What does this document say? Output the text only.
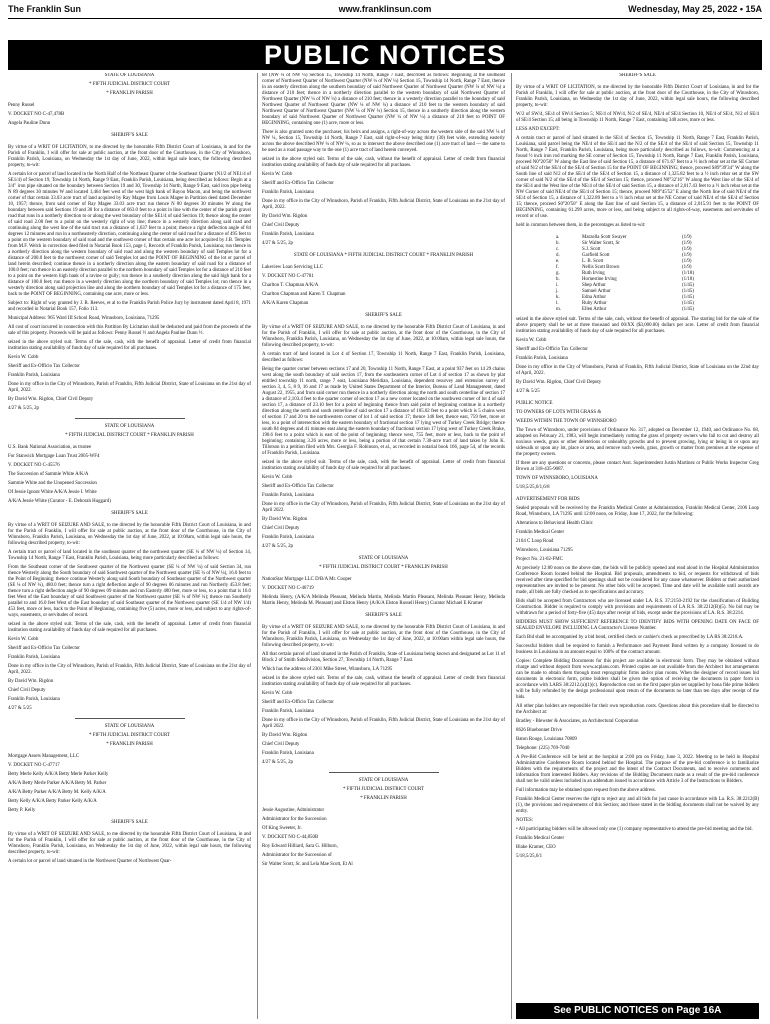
The Franklin Sun	www.franklinsun.com	Wednesday, May 25, 2022 • 15A
PUBLIC NOTICES

STATE OF LOUISIANA

* FIFTH JUDICIAL DISTRICT COURT

* FRANKLIN PARISH

Penny Russel

V. DOCKET NO C-47,478B

Angela Pauline Dunn

SHERIFF'S SALE

By virtue of a WRIT OF LICITATION, to me directed by the honorable Fifth District Court of Louisiana, in and for the Parish of Franklin, I will offer for sale at public auction, at the front door of the Courthouse, in the City of Winnsboro, Franklin Parish, Louisiana, on Wednesday the 1st day of June, 2022, within legal sale hours, the following described property, to-wit:

A certain lot or parcel of land located in the North Half of the Northeast Quarter of the Southeast Quarter (N1/2 of NE1/4 of SE1/4) of Section 19, Township 14 North, Range 9 East, Franklin Parish, Louisiana, being described as follows: Begin at a 3/4" iron pipe situated on the boundary between Section 19 and 30, Township 14 North, Range 9 East, said iron pipe being N 89 degrees 30 minutes W and located 1,464 feet west of the west high bank of Bayou Macon, and being the northwest corner of that certain 33.03 acre tract of land acquired by Ray Magee from Louis Magee in Partition deed dated December 10, 1957; thence, from said corner of Ray Magee 33.03 acre tract run thence N 00 degrees 30 minutes W along the boundary between said Sections 19 and 30 for a distance of 663.0 feet to a point in line with the center of the parish gravel road that runs in a northerly direction to or along the west boundary of the SE1/4 of said Section 19; thence along the center of said road 2.00 feet to a point on the westerly right of way line; thence in a westerly direction along said road and continuing along the west line of the said tract run a distance of 1,637 feet to a point; thence a right deflection angle of 84 degrees 12 minutes and run in a northeasterly direction, continuing along the center of said road for a distance of 495 feet to a point on the western boundary of said road and the southwest corner of that certain one acre lot acquired by J.B. Temples from M.F. Welch in correction deed filed in Notarial Book 153, page 1, Records of Franklin Parish, Louisiana; run thence in a northerly direction along the western boundary of said road and along the western boundary of said Temples lot for a distance of 200.0 feet to the northwest corner of said Temples lot and the POINT OF BEGINNING of the lot or parcel of land herein described; continue thence in a northerly direction along the eastern boundary of said road for a distance of 100.0 feet; run thence in an easterly direction parallel to the northern boundary of said Temples lot for a distance of 210 feet to a point on the western high bank of a ravine or gully; run thence in a southerly direction along the said high bank for a distance of 100.0 feet; run thence in a westerly direction along the northern boundary of said Temples lot; run thence in a westerly direction along said projection line and along the northern boundary of said Temples lot for a distance of 175 feet, back to the POINT OF BEGINNING, containing one acre, more or less.

Subject to: Right of way granted by J. R. Reeves, et al to the Franklin Parish Police Jury by instrument dated April 8, 1971 and recorded in Notarial Book 157, Folio 113.

Municipal Address: 965 Ward III School Road, Winnsboro, Louisiana, 71295

All cost of court incurred in connection with this Partition By Licitation shall be deducted and paid from the proceeds of the sale of this property. Proceeds will be paid as follows: Penny Russel ½ and Angela Pauline Dunn ½.

seized in the above styled suit. Terms of the sale, cash, with the benefit of appraisal. Letter of credit from financial institution stating availability of funds day of sale required for all purchases.

Kevin W. Cobb

Sheriff and Ex-Officio Tax Collector

Franklin Parish, Louisiana

Done in my office in the City of Winnsboro, Parish of Franklin, Fifth Judicial District, State of Louisiana on the 21st day of April, 2022.

By David Wm. Rigdon, Chief Civil Deputy

4/27 & 5/25, 2p

STATE OF LOUISIANA

* FIFTH JUDICIAL DISTRICT COURT * FRANKLIN PARISH

U.S. Bank National Association, as trustee

For Stanwich Mortgage Loan Trust 2005-WF4

V. DOCKET NO C-45576

The Succession of Sammie White A/K/A

Sammie White and the Unopened Succession

Of Jessie Ignont White A/K/A Jessie I. White

A/K/A Jessie White (Curator - E. Deborah Huggard)

SHERIFF'S SALE

By virtue of a WRIT OF SEIZURE AND SALE, to me directed by the honorable Fifth District Court of Louisiana, in and for the Parish of Franklin, I will offer for sale at public auction, at the front door of the Courthouse, in the City of Winnsboro, Franklin Parish, Louisiana, on Wednesday the 1st day of June, 2022, at 10:00am, within legal sale hours, the following described property, to-wit:

A certain tract or parcel of land located in the southeast quarter of the northwest quarter (SE ¼ of NW ¼) of Section 14, Township 14 North, Range 7 East, Franklin Parish, Louisiana, being more particularly described as follows:

From the Southeast corner of the Southwest quarter of the Northwest quarter (SE ¼ of NW ¼) of said Section 34, run thence Westerly along the South boundary of said Southwest quarter of the Northwest quarter (SE ¼ of NW ¼), 16.0 feet to the Point of Beginning; thence continue Westerly along said South boundary of Southeast quarter of the Northwest quarter (SE ¼ of NW ¼), 480.0 feet; thence turn a right deflection angle of 90 degrees 06 minutes and run Northerly 453.8 feet; thence turn a right deflection angle of 90 degrees 09 minutes and run Easterly 480 feet, more or less, to a point that is 16.0 feet West of the East boundary of said Southwest quarter of the Northwest quarter (SE ¼ of NW ¼); thence run Southerly parallel to and 16.0 feet West of the East boundary of said Southeast quarter of the Northwest quarter (SE 1/4 of NW 1/4) 453 feet, more or less, back to the Point of Beginning, containing five (5) acres, more or less, and subject to any rights-of-ways, easements, or servitudes of record.

seized in the above styled suit. Terms of the sale, cash, with the benefit of appraisal. Letter of credit from financial institution stating availability of funds day of sale required for all purchases.

Kevin W. Cobb

Sheriff and Ex-Officio Tax Collector

Franklin Parish, Louisiana

Done in my office in the City of Winnsboro, Parish of Franklin, Fifth Judicial District, State of Louisiana on the 21st day of April, 2022.

By David Wm. Rigdon

Chief Civil Deputy

Franklin Parish, Louisiana

4/27 & 5/25

STATE OF LOUISIANA

* FIFTH JUDICIAL DISTRICT COURT

* FRANKLIN PARISH

Mortgage Assets Management, LLC

V. DOCKET NO C-47717

Betty Merle Kelly A/K/A Betty Merle Parker Kelly

A/K/A Betty Merle Parker A/K/A Betty M. Parker

A/K/A Betty Parker A/K/A Betty M. Kelly A/K/A

Betty Kelly A/K/A Betty Parker Kelly A/K/A

Betty P. Kelly

SHERIFF'S SALE

By virtue of a WRIT OF SEIZURE AND SALE, to me directed by the honorable Fifth District Court of Louisiana, in and for the Parish of Franklin, I will offer for sale at public auction, at the front door of the Courthouse, in the City of Winnsboro, Franklin Parish, Louisiana, on Wednesday the 1st day of June, 2022, within legal sale hours, the following described property, to-wit:

A certain lot or parcel of land situated in the Northwest Quarter of Northwest Quar-

ter (NW ¼ of NW ¼) Section 15, Township 14 North, Range 7 East, described as follows: Beginning at the southeast corner of Northwest Quarter of Northwest Quarter (NW ¼ of NW ¼) Section 15, Township 14 North, Range 7 East, thence in an easterly direction along the southern boundary of said Northwest Quarter of Northwest Quarter (NW ¼ of NW ¼) a distance of 210 feet; thence in a northerly direction parallel to the western boundary of said Northwest Quarter of Northwest Quarter (NW ¼ of NW ¼) a distance of 210 feet; thence in a westerly direction parallel to the boundary of said Northwest Quarter of Northwest Quarter (NW ¼ of NW ¼) a distance of 210 feet to the western boundary of said Northwest Quarter of Northwest Quarter (NW ¼ of NW ¼) Section 15, thence in a southerly direction along the western boundary of said Northwest Quarter of Northwest Quarter (NW ¼ of NW ¼) a distance of 210 feet to POINT OF BEGINNING, containing one (1) acre, more or less.

There is also granted unto the purchaser, his heirs and assigns, a right-of-way across the western side of the said NW ¼ of NW ¼, Section 15, Township 14 North, Range 7 East, said right-of-way being thirty (30) feet wide, extending easterly across the above described NW ¼ of NW ¼, so as to intersect the above described one (1) acre tract of land — the same to be used as a road passage way to the one (1) acre tract of land herein conveyed.

seized in the above styled suit. Terms of the sale, cash, without the benefit of appraisal. Letter of credit from financial institution stating availability of funds day of sale required for all purchases.

Kevin W. Cobb

Sheriff and Ex-Officio Tax Collector

Franklin Parish, Louisiana

Done in my office in the City of Winnsboro, Parish of Franklin, Fifth Judicial District, State of Louisiana on the 21st day of April, 2022.

By David Wm. Rigdon

Chief Civil Deputy

Franklin Parish, Louisiana

4/27 & 5/25, 2p

STATE OF LOUISIANA * FIFTH JUDICIAL DISTRICT COURT * FRANKLIN PARISH

Lakeview Loan Servicing LLC

V. DOCKET NO C-47781

Charlton T. Chapman A/K/A

Charlton Chapman and Karen T. Chapman

A/K/A Karen Chapman

SHERIFF'S SALE

By virtue of a WRIT OF SEIZURE AND SALE, to me directed by the honorable Fifth District Court of Louisiana, in and for the Parish of Franklin, I will offer for sale at public auction, at the front door of the Courthouse, in the City of Winnsboro, Franklin Parish, Louisiana, on Wednesday the 1st day of June, 2022, at 10:00am, within legal sale hours, the following described property, to-wit:

A certain tract of land located in Lot 4 of Section 17, Township 11 North, Range 7 East, Franklin Parish, Louisiana, described as follows:

Being the quarter corner between sections 17 and 20, Township 11 North, Range 7 East, at a point 937 feet on 14 29 chains west along the south boundary of said section 17, from the southeastern corner of Lot 4 of section 17 as shown by plat entitled township 11 north, range 7 east, Louisiana Meridian, Louisiana, dependent resurvey and extension survey of section 3, 4, 5, 8 9, 16 and 17 as made by United States Department of the Interior, Bureau of Land Management, dated August 22, 1955, and from said corner run thence in a northerly direction along the north and south centerline of section 17 a distance of 2,103.4 feet to the quarter corner of section 17 as a new corner located on the southwest corner of lot 4 of said section 17, a distance of 23.10 feet for a point of beginning thence from said point of beginning continue in a northerly direction along the north and south centerline of said section 17 a distance of 105.02 feet to a point which is 5 chains west of section 17 and 20 to the northwestern corner of lot 1 of said section 17; thence 146 feet, thence east, 759 feet, more or less, to a point of intersection with the eastern boundary of fractional section 17 lying west of Turkey Creek Bridge; thence south 84 degrees and 41 minutes east along the eastern boundary of fractional section 17 lying west of Turkey Creek Brake, 190.6 feet to a point which is east of the point of beginning; thence west, 755 feet, more or less, back to the point of beginning; containing 3.26 acres, more or less, being a portion of that certain 7.30-acre tract of land taken by John K. Tillotson in a petition filed with Mrs. Georgia F. Robinson, et al., as recorded in notarial book 166, page 54, of the records of Franklin Parish, Louisiana.

seized in the above styled suit. Terms of the sale, cash, with the benefit of appraisal. Letter of credit from financial institution stating availability of funds day of sale required for all purchases.

Kevin W. Cobb

Sheriff and Ex-Officio Tax Collector

Franklin Parish, Louisiana

Done in my office in the City of Winnsboro, Parish of Franklin, Fifth Judicial District, State of Louisiana on the 21st day of April 2022.

By David Wm. Rigdon

Chief Civil Deputy

Franklin Parish, Louisiana

4/27 & 5/25, 2p

STATE OF LOUISIANA

* FIFTH JUDICIAL DISTRICT COURT * FRANKLIN PARISH

NationStar Mortgage LLC D/B/A Mr. Cooper

V. DOCKET NO C-46719

Melinda Henry, (A/K/A Melinda Pleasant, Melinda Martin, Melinda Martin Pleasant, Melinda Pleasant Henry, Melinda Martin Henry, Melinda M. Pleasant) and Elston Henry (A/K/A Elston Russell Henry) Curator Michael E Kramer

SHERIFF'S SALE

By virtue of a WRIT OF SEIZURE AND SALE, to me directed by the honorable Fifth District Court of Louisiana, in and for the Parish of Franklin, I will offer for sale at public auction, at the front door of the Courthouse, in the City of Winnsboro, Franklin Parish, Louisiana, on Wednesday the 1st day of June, 2022, at 10:00am within legal sale hours, the following described property, to-wit:

All that certain parcel of land situated in the Parish of Franklin, State of Louisiana being known and designated as Lot 11 of Block 2 of Smith Subdivision, Section 27, Township 14 North, Range 7 East.

Which has the address of 2301 Mike Street, Winnsboro, LA 71295

seized in the above styled suit. Terms of the sale, cash, without the benefit of appraisal. Letter of credit from financial institution stating availability of funds day of sale required for all purchases.

Kevin W. Cobb

Sheriff and Ex-Officio Tax Collector

Franklin Parish, Louisiana

Done in my office in the City of Winnsboro, Parish of Franklin, Fifth Judicial District, State of Louisiana on the 21st day of April 2022.

By David Wm. Rigdon

Chief Civil Deputy

Franklin Parish, Louisiana

4/27 & 5/25, 2p

STATE OF LOUISIANA

* FIFTH JUDICIAL DISTRICT COURT

* FRANKLIN PARISH

Jessie Augustine, Administrator

Administrator for the Succession

Of King Sweeter, Jr.

V. DOCKET NO C-44,850B

Roy Edward Hilliard, Sara G. Hilburn,

Administrator for the Succession of

Sir Walter Scott, Sr. and Lela Mae Scott, Et Al

SHERIFF'S SALE

By virtue of a WRIT OF LICITATION, to me directed by the honorable Fifth District Court of Louisiana, in and for the Parish of Franklin, I will offer for sale at public auction, at the front door of the Courthouse, in the City of Winnsboro, Franklin Parish, Louisiana, on Wednesday the 1st day of June, 2022, within legal sale hours, the following described property, to-wit:

W/2 of SW/4, SE/4 of SW/4 Section 5; NE/4 of NW/4, N/2 of SE/4, NE/4 of SE/4 Section 10, NE/4 of SE/4, N/2 of SE/4 of SE/4 Section 15; all being in Township 11 North, Range 7 East, containing 340 acres, more or less.

LESS AND EXCEPT:

A certain tract or parcel of land situated in the SE/4 of Section 15, Township 11 North, Range 7 East, Franklin Parish, Louisiana, said parcel being the NE/4 of the SE/4 and the N/2 of the SE/4 of the SE/4 of said Section 15, Township 11 North, Range 7 East, Franklin Parish, Louisiana, being more particularly described as follows, to-wit: Commencing at a found ½ inch iron rod marking the SE corner of Section 15, Township 11 North, Range 7 East, Franklin Parish, Louisiana, proceed N0°20'50" W along the East line of said Section 15, a distance of 671.67 feet to a ½ inch rebar set at the SE Corner of said N/2 of the SE/4 of the SE/4 of Section 15 for the POINT OF BEGINNING; thence, proceed S89°39'34" W along the South line of said N/2 of the SE/4 of the SE/4 of Section 15, a distance of 1,325.82 feet to a ½ inch rebar set at the SW corner of said N/2 of the SE/4 of the SE/4 of Section 15; thence, proceed N0°32'16" W along the West line of the SE/4 of the SE/4 and the West line of the NE/4 of the SE/4 of said Section 15, a distance of 2,017.43 feet to a ½ inch rebar set at the NW Corner of said NE/4 of the SE/4 of Section 15; thence, proceed N89°45'52" E along the North line of said NE/4 of the SE/4 of Section 15, a distance of 1,322.89 feet to a ½ inch rebar set at the NE Corner of said NE/4 of the SE/4 of Section 15; thence, proceed S0°20'50" E along the East line of said Section 15, a distance of 2,015.91 feet to the POINT OF BEGINNING, containing 61.299 acres, more or less, and being subject to all rights-of-way, easements and servitudes of record or of use.

held in common between them, in the percentages as listed to-wit:

a.	Marzella Scott Swayer	(1/9)
b.	Sir Walter Scott, Sr	(1/9)
c.	S.J. Scott	(1/9)
d.	Garfield Scott	(1/9)
e.	L. B. Scott	(1/9)
f.	Nellis Scott Brown	(1/9)
g.	Ruth Irving	(1/18)
h.	Hornestine Irving	(1/18)
i.	Shep Arthur	(1/45)
j.	Samuel Arthur	(1/45)
k.	Edna Arthur	(1/45)
l.	Ruby Arthur	(1/45)
m.	Ellen Arthur	(1/45)

seized in the above styled suit. Terms of the sale, cash, without the benefit of appraisal. The starting bid for the sale of the above property shall be set at three thousand and 00/XX ($3,000.00) dollars per acre. Letter of credit from financial institution stating availability of funds day of sale required for all purchases.

Kevin W. Cobb

Sheriff and Ex-Officio Tax Collector

Franklin Parish, Louisiana

Done in my office in the City of Winnsboro, Parish of Franklin, Fifth Judicial District, State of Louisiana on the 22nd day of April, 2022.

By David Wm. Rigdon, Chief Civil Deputy

4/27 & 5/25

PUBLIC NOTICE

TO OWNERS OF LOTS WITH GRASS &

WEEDS WITHIN THE TOWN OF WINNSBORO

The Town of Winnsboro, under provisions of Ordinance No. 317, adopted on December 12, 1940, and Ordinance No. 68, adopted on February 21, 1983, will begin immediately cutting the grass of property owners who fail to cut and destroy all noxious weeds, grass or other deleterious or unhealthy growths and to prevent growing, lying or being in or upon any sidewalk or upon any lot, place or area, and remove such weeds, grass, growth or matter from premises at the expense of the property owners.

If there are any questions or concerns, please contact Asst. Superintendent Justin Martinez or Public Works Inspector Greg Brown at 318-435-9087.

TOWN OF WINNSBORO, LOUISIANA

5/18,5/25,6/1,6/8

ADVERTISEMENT FOR BIDS

Sealed proposals will be received by the Franklin Medical Center at Administration, Franklin Medical Center, 2106 Loop Road, Winnsboro, LA 71295 until 12:00 noon, on Friday, June 17, 2022, for the following:

Alterations to Behavioral Health Clinic

Franklin Medical Center

2104 C Loop Road

Winnsboro, Louisiana 71295

Project No. 21-02-FMC

At precisely 12:00 noon on the above date, the bids will be publicly opened and read aloud in the Hospital Administration Conference Room located behind the Hospital. Bid proposals, amendments to bid, or requests for withdrawal of bids received after time specified for bid openings shall not be considered for any cause whatsoever. Bidders or their authorized representatives are invited to be present. No other bids will be accepted. Time and date will be available until awards are made, all bids are fully checked as to specifications and accuracy.

Bids shall be accepted from Contractors who are licensed under LA. R.S. 37:2150-2192 for the classification of Building Construction. Bidder is required to comply with provisions and requirements of LA R.S. 38:2212(B)(5). No bid may be withdrawn for a period of forty-five (45) days after receipt of bids, except under the provisions of LA. R.S. 38:2214.

BIDDERS MUST SHOW SUFFICIENT REFERENCE TO IDENTIFY BIDS WITH OPENING DATE ON FACE OF SEALED ENVELOPE INCLUDING LA Contractor's License Number.

Each Bid shall be accompanied by a bid bond, certified check or cashier's check as prescribed by LA RS 38:2218.A.

Successful bidders shall be required to furnish a Performance and Payment Bond written by a company licensed to do business in Louisiana in an amount equal to 100% of the contract amount.

Copies: Complete Bidding Documents for this project are available in electronic form. They may be obtained without charge and without deposit from www.acplans.com. Printed copies are not available from the Architect but arrangements can be made to obtain them through most reprographic firms and/or plan rooms. When the designer of record issues bid documents in electronic form, prime bidders shall be given the option of receiving the documents in paper form in accordance with LARS 38:2212.(a)(1)(c). Reproduction cost on the first paper plan set supplied by bona fide prime bidders will be fully refunded by the design professional upon return of the documents no later than ten days after receipt of the bids.

All other plan holders are responsible for their own reproduction costs. Questions about this procedure shall be directed to the Architect at:

Bradley - Blewster & Associates, an Architectural Corporation

8626 Bluebonnet Drive

Baton Rouge, Louisiana 70809

Telephone: (225) 769-7040

A Pre-Bid Conference will be held at the hospital at 2:00 pm on Friday, June 3, 2022. Meeting to be held in Hospital Administrative Conference Room located behind the Hospital. The purpose of the pre-bid conference is to familiarize Bidders with the requirements of the project and the intent of the Contract Documents, and to receive comments and information from interested Bidders. Any revisions of the Bidding Documents made as a result of the pre-bid conference shall not be valid unless included in an addendum issued in accordance with Article 3 of the Instructions to Bidders.

Full information may be obtained upon request from the above address.

Franklin Medical Center reserves the right to reject any and all bids for just cause in accordance with La. R.S. 38:2212(B)(1), the provisions and requirements of this Section; and those stated in the bidding documents shall not be waived by any entity.

NOTES:

• All participating bidders will be allowed only one (1) company representative to attend the pre-bid meeting and the bid.

Franklin Medical Center

Blake Kramer, CEO

5/18,5/25,6/1

See PUBLIC NOTICES on Page 16A
